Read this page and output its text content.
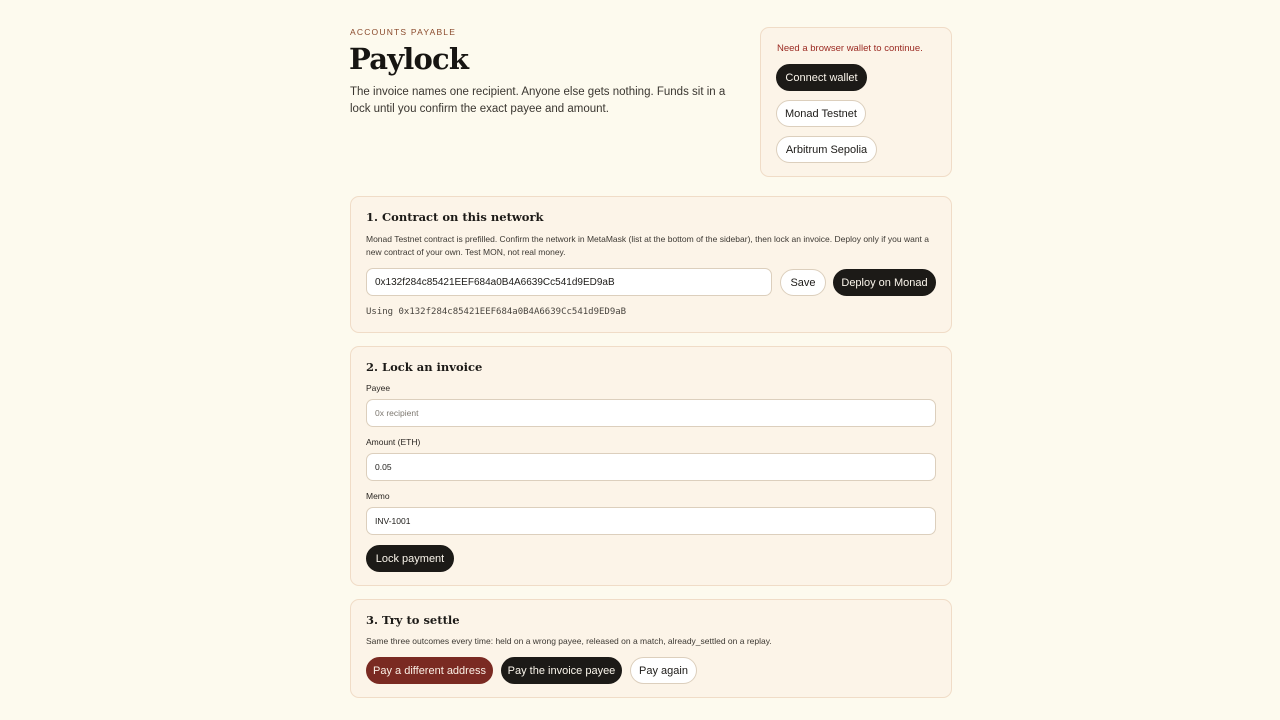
ACCOUNTS PAYABLE
Paylock

The invoice names one recipient. Anyone else gets nothing. Funds sit in a lock until you confirm the exact payee and amount.

Need a browser wallet to continue.
Connect wallet
Monad Testnet
Arbitrum Sepolia
1. Contract on this network

Monad Testnet contract is prefilled. Confirm the network in MetaMask (list at the bottom of the sidebar), then lock an invoice. Deploy only if you want a new contract of your own. Test MON, not real money.

0x132f284c85421EEF684a0B4A6639Cc541d9ED9aB
Save	Deploy on Monad
Using 0x132f284c85421EEF684a0B4A6639Cc541d9ED9aB
2. Lock an invoice
Payee
0x recipient
Amount (ETH)
0.05
Memo
INV-1001
Lock payment
3. Try to settle

Same three outcomes every time: held on a wrong payee, released on a match, already_settled on a replay.

Pay a different address	Pay the invoice payee	Pay again
